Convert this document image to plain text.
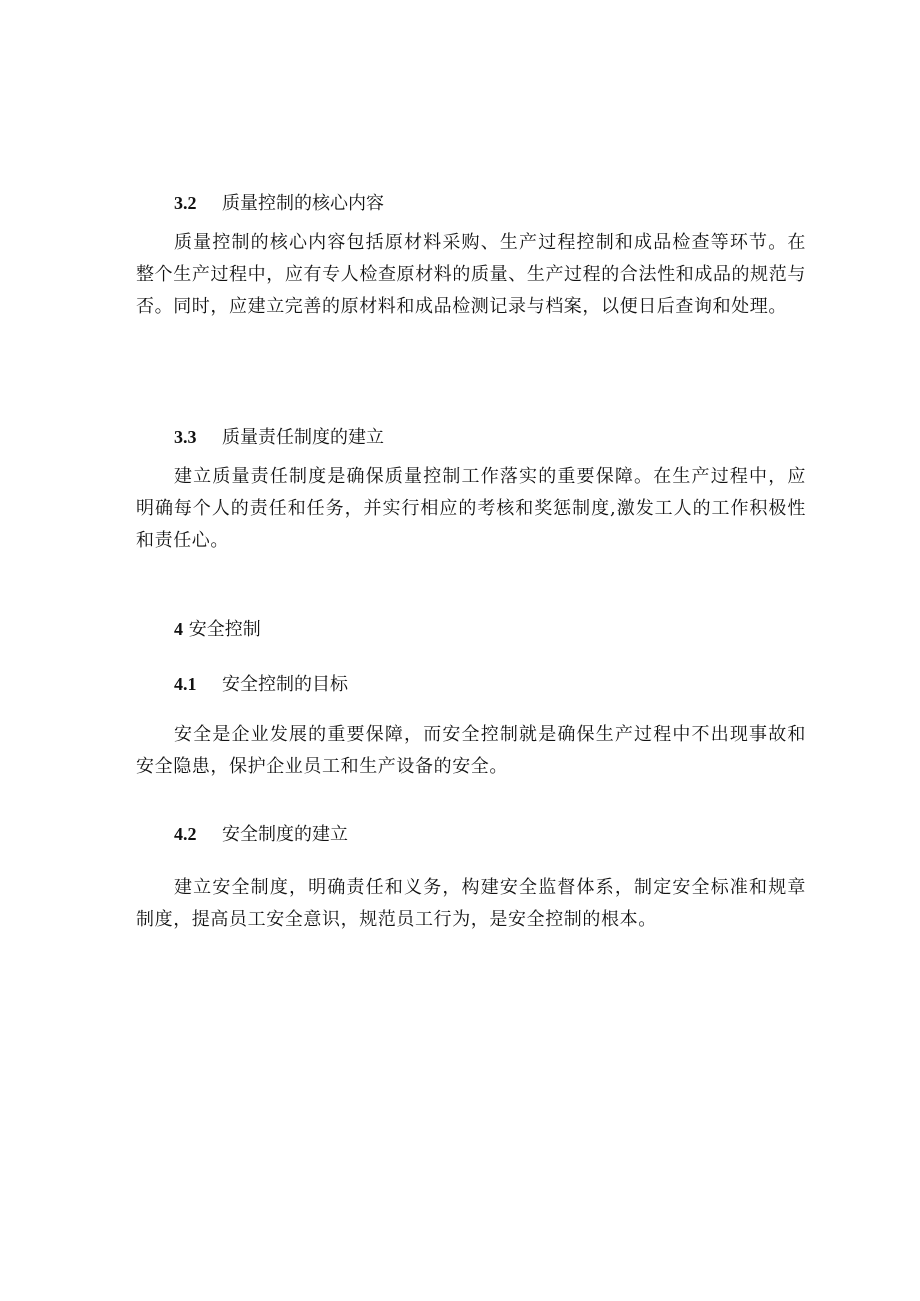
3.2 质量控制的核心内容

质量控制的核心内容包括原材料采购、生产过程控制和成品检查等环节。在整个生产过程中，应有专人检查原材料的质量、生产过程的合法性和成品的规范与否。同时，应建立完善的原材料和成品检测记录与档案，以便日后查询和处理。

3.3 质量责任制度的建立

建立质量责任制度是确保质量控制工作落实的重要保障。在生产过程中，应明确每个人的责任和任务，并实行相应的考核和奖惩制度,激发工人的工作积极性和责任心。

4 安全控制
4.1 安全控制的目标

安全是企业发展的重要保障，而安全控制就是确保生产过程中不出现事故和安全隐患，保护企业员工和生产设备的安全。

4.2 安全制度的建立

建立安全制度，明确责任和义务，构建安全监督体系，制定安全标准和规章制度，提高员工安全意识，规范员工行为，是安全控制的根本。
